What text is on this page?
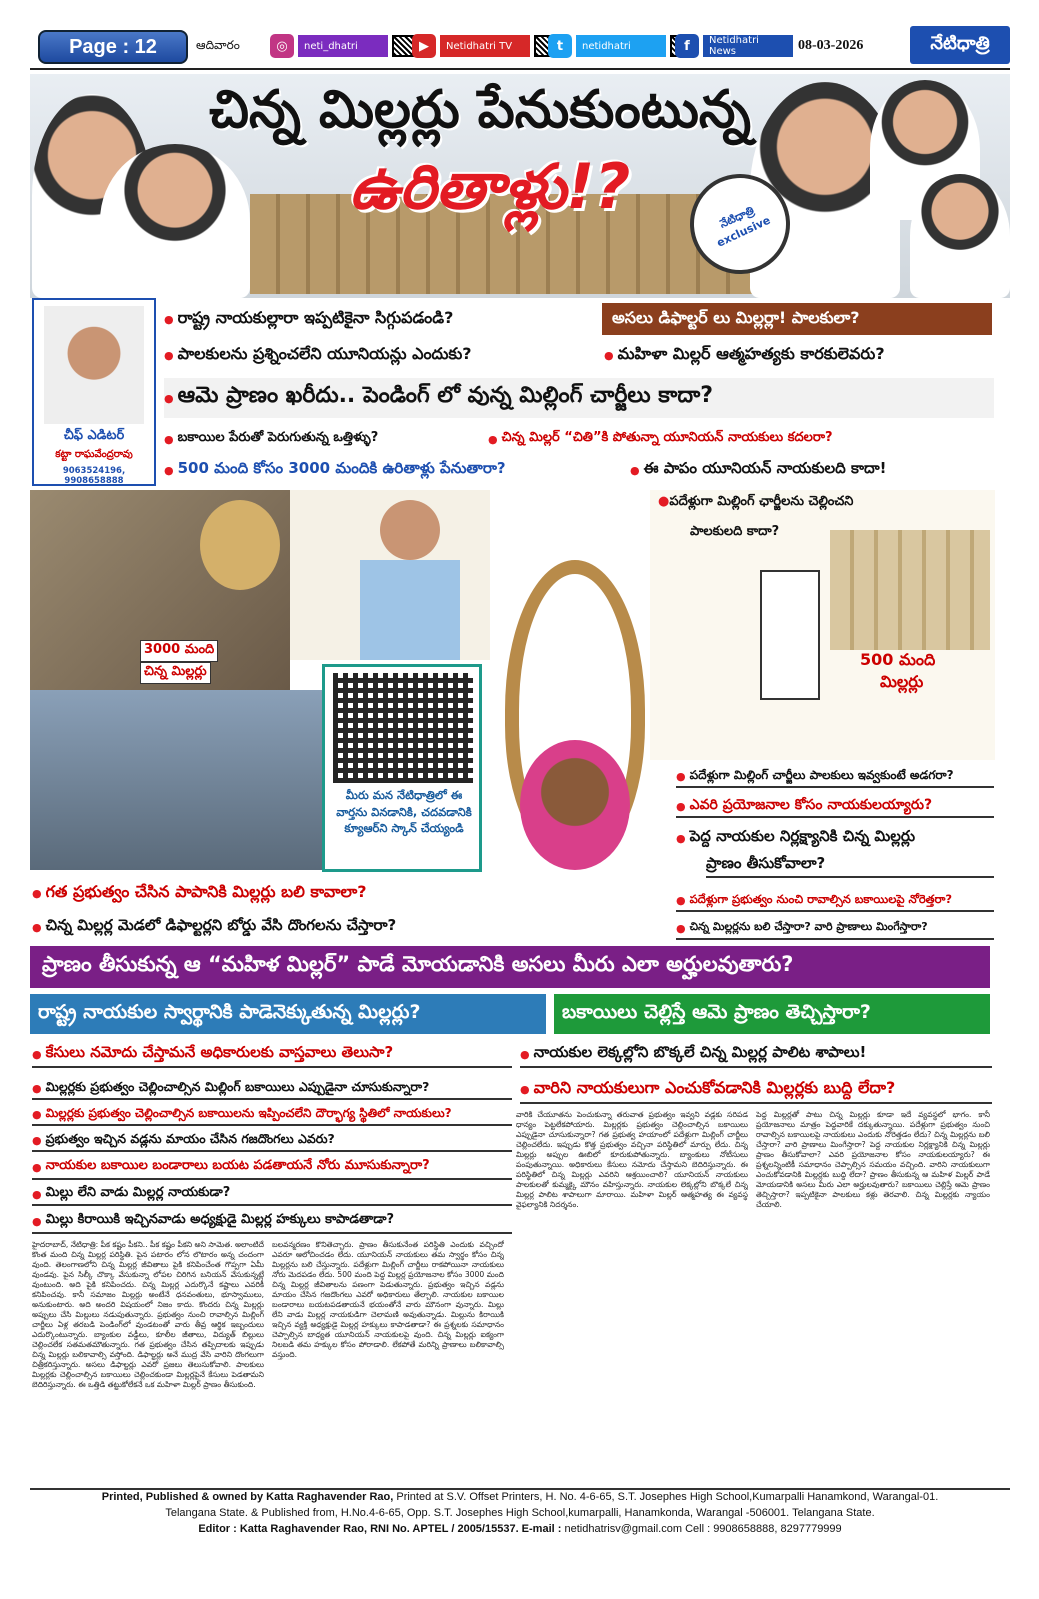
Page : 12	ఆదివారం	◎	neti_dhatri	▶	Netidhatri TV	t	netidhatri	f	Netidhatri News	08-03-2026	నేటిధాత్రి
చిన్న మిల్లర్లు పేనుకుంటున్న
ఉరితాళ్లు!?	నేటిధాత్రి exclusive
చీఫ్ ఎడిటర్
కట్టా రాఘవేంద్రరావు
9063524196, 9908658888
● రాష్ట్ర నాయకుల్లారా ఇప్పటికైనా సిగ్గుపడండి?	అసలు డిఫాల్టర్ లు మిల్లర్లా! పాలకులా?
● పాలకులను ప్రశ్నించలేని యూనియన్లు ఎందుకు?	● మహిళా మిల్లర్ ఆత్మహత్యకు కారకులెవరు?
● ఆమె ప్రాణం ఖరీదు.. పెండింగ్ లో వున్న మిల్లింగ్ చార్జీలు కాదా?
● బకాయిల పేరుతో పెరుగుతున్న ఒత్తిళ్ళు?	● చిన్న మిల్లర్ “చితి”కి పోతున్నా యూనియన్ నాయకులు కదలరా?
● 500 మంది కోసం 3000 మందికి ఉరితాళ్లు పేనుతారా?	● ఈ పాపం యూనియన్ నాయకులది కాదా!
3000 మంది
చిన్న మిల్లర్లు
మీరు మన నేటిధాత్రిలో ఈ వార్తను వినడానికి, చదవడానికి క్యూఆర్‌ని స్కాన్ చేయ్యండి
●పదేళ్లుగా మిల్లింగ్ ఛార్జీలను చెల్లించని
పాలకులది కాదా?
500 మంది
మిల్లర్లు
● పదేళ్లుగా మిల్లింగ్ చార్జీలు పాలకులు ఇవ్వకుంటే అడగరా?
● ఎవరి ప్రయోజనాల కోసం నాయకులయ్యారు?
● పెద్ద నాయకుల నిర్లక్ష్యానికి చిన్న మిల్లర్లు
ప్రాణం తీసుకోవాలా?
● పదేళ్లుగా ప్రభుత్వం నుంచి రావాల్సిన బకాయిలపై నోరెత్తరా?
● చిన్న మిల్లర్లను బలి చేస్తారా? వారి ప్రాణాలు మింగేస్తారా?
● గత ప్రభుత్వం చేసిన పాపానికి మిల్లర్లు బలి కావాలా?
● చిన్న మిల్లర్ల మెడలో డిఫాల్టర్లని బోర్డు వేసి దొంగలను చేస్తారా?
ప్రాణం తీసుకున్న ఆ “మహిళ మిల్లర్” పాడే మోయడానికి అసలు మీరు ఎలా అర్హులవుతారు?
రాష్ట్ర నాయకుల స్వార్థానికి పాడెనెక్కుతున్న మిల్లర్లు?	బకాయిలు చెల్లిస్తే ఆమె ప్రాణం తెచ్చిస్తారా?
● కేసులు నమోదు చేస్తామనే అధికారులకు వాస్తవాలు తెలుసా?	● నాయకుల లెక్కల్లోని బొక్కలే చిన్న మిల్లర్ల పాలిట శాపాలు!
● వారిని నాయకులుగా ఎంచుకోవడానికి మిల్లర్లకు బుద్ది లేదా?
● మిల్లర్లకు ప్రభుత్వం చెల్లించాల్సిన మిల్లింగ్ బకాయిలు ఎప్పుడైనా చూసుకున్నారా?
● మిల్లర్లకు ప్రభుత్వం చెల్లించాల్సిన బకాయిలను ఇప్పించలేని దౌర్భాగ్య స్థితిలో నాయకులు?
● ప్రభుత్వం ఇచ్చిన వడ్లను మాయం చేసిన గజదొంగలు ఎవరు?
● నాయకుల బకాయిల బండారాలు బయట పడతాయనే నోరు మూసుకున్నారా?
● మిల్లు లేని వాడు మిల్లర్ల నాయకుడా?
● మిల్లు కిరాయికి ఇచ్చినవాడు అధ్యక్షుడై మిల్లర్ల హక్కులు కాపాడతాడా?
హైదరాబాద్, నేటిధాత్రి: పీక కష్టం పీకని.. పీక కష్టం పీకని అని సామెత. అలాంటిదే కొంత మంది చిన్న మిల్లర్ల పరిస్థితి. పైన పటారం లోన లొటారం అన్న చందంగా వుంది. తెలంగాణలోని చిన్న మిల్లర్ల జీవితాలు పైకి కనిపించేంత గొప్పగా ఏమీ వుండవు. పైన సిల్కీ చొక్కా వేసుకున్నా లోపల చిరిగిన బనియన్ వేసుకున్నట్లే వుంటుంది. అది పైకి కనిపించదు. చిన్న మిల్లర్ల ఎదుర్కొనే కష్టాలు ఎవరికీ కనిపించవు. కానీ సమాజం మిల్లర్లు అంటేనే ధనవంతులు, భూస్వాములు, అనుకుంటారు. అది అందరి విషయంలో నిజం కాదు. కొందరు చిన్న మిల్లర్లు అప్పులు చేసి మిల్లులు నడుపుతున్నారు. ప్రభుత్వం నుంచి రావాల్సిన మిల్లింగ్ చార్జీలు ఏళ్ల తరబడి పెండింగ్‌లో వుండటంతో వారు తీవ్ర ఆర్థిక ఇబ్బందులు ఎదుర్కొంటున్నారు. బ్యాంకుల వడ్డీలు, కూలీల జీతాలు, విద్యుత్ బిల్లులు చెల్లించలేక సతమతమౌతున్నారు. గత ప్రభుత్వం చేసిన తప్పిదాలకు ఇప్పుడు చిన్న మిల్లర్లు బలికావాల్సి వస్తోంది. డిఫాల్టర్లు అనే ముద్ర వేసి వారిని దొంగలుగా చిత్రీకరిస్తున్నారు. అసలు డిఫాల్టర్లు ఎవరో ప్రజలు తెలుసుకోవాలి. పాలకులు మిల్లర్లకు చెల్లించాల్సిన బకాయిలు చెల్లించకుండా మిల్లర్లపైనే కేసులు పెడతామని బెదిరిస్తున్నారు. ఈ ఒత్తిడి తట్టుకోలేకనే ఒక మహిళా మిల్లర్ ప్రాణం తీసుకుంది.
బలవన్మరణం కొనితెచ్చారు. ప్రాణం తీసుకునేంత పరిస్థితి ఎందుకు వచ్చిందో ఎవరూ ఆలోచించడం లేదు. యూనియన్ నాయకులు తమ స్వార్థం కోసం చిన్న మిల్లర్లను బలి చేస్తున్నారు. పదేళ్లుగా మిల్లింగ్ చార్జీలు రాకపోయినా నాయకులు నోరు మెదపడం లేదు. 500 మంది పెద్ద మిల్లర్ల ప్రయోజనాల కోసం 3000 మంది చిన్న మిల్లర్ల జీవితాలను పణంగా పెడుతున్నారు. ప్రభుత్వం ఇచ్చిన వడ్లను మాయం చేసిన గజదొంగలు ఎవరో అధికారులు తేల్చాలి. నాయకుల బకాయిల బండారాలు బయటపడతాయనే భయంతోనే వారు మౌనంగా వున్నారు. మిల్లు లేని వాడు మిల్లర్ల నాయకుడిగా చెలామణి అవుతున్నాడు. మిల్లును కిరాయికి ఇచ్చిన వ్యక్తి అధ్యక్షుడై మిల్లర్ల హక్కులు కాపాడతాడా? ఈ ప్రశ్నలకు సమాధానం చెప్పాల్సిన బాధ్యత యూనియన్ నాయకులపై వుంది. చిన్న మిల్లర్లు ఐక్యంగా నిలబడి తమ హక్కుల కోసం పోరాడాలి. లేకపోతే మరిన్ని ప్రాణాలు బలికావాల్సి వస్తుంది.
వారికి చేయూతను పెంచుకున్నా తరువాత ప్రభుత్వం ఇవ్వని వడ్లకు సరిపడ ధాన్యం పెట్టలేకపోయారు. మిల్లర్లకు ప్రభుత్వం చెల్లించాల్సిన బకాయిలు ఎప్పుడైనా చూసుకున్నారా? గత ప్రభుత్వ హయాంలో పదేళ్లుగా మిల్లింగ్ చార్జీలు చెల్లించలేదు. ఇప్పుడు కొత్త ప్రభుత్వం వచ్చినా పరిస్థితిలో మార్పు లేదు. చిన్న మిల్లర్లు అప్పుల ఊబిలో కూరుకుపోతున్నారు. బ్యాంకులు నోటీసులు పంపుతున్నాయి. అధికారులు కేసులు నమోదు చేస్తామని బెదిరిస్తున్నారు. ఈ పరిస్థితిలో చిన్న మిల్లర్లు ఎవరిని ఆశ్రయించాలి? యూనియన్ నాయకులు పాలకులతో కుమ్మక్కై మౌనం వహిస్తున్నారు. నాయకుల లెక్కల్లోని బొక్కలే చిన్న మిల్లర్ల పాలిట శాపాలుగా మారాయి. మహిళా మిల్లర్ ఆత్మహత్య ఈ వ్యవస్థ వైఫల్యానికి నిదర్శనం.
పెద్ద మిల్లర్లతో పాటు చిన్న మిల్లర్లు కూడా ఇదే వ్యవస్థలో భాగం. కానీ ప్రయోజనాలు మాత్రం పెద్దవారికే దక్కుతున్నాయి. పదేళ్లుగా ప్రభుత్వం నుంచి రావాల్సిన బకాయిలపై నాయకులు ఎందుకు నోరెత్తడం లేదు? చిన్న మిల్లర్లను బలి చేస్తారా? వారి ప్రాణాలు మింగేస్తారా? పెద్ద నాయకుల నిర్లక్ష్యానికి చిన్న మిల్లర్లు ప్రాణం తీసుకోవాలా? ఎవరి ప్రయోజనాల కోసం నాయకులయ్యారు? ఈ ప్రశ్నలన్నింటికీ సమాధానం చెప్పాల్సిన సమయం వచ్చింది. వారిని నాయకులుగా ఎంచుకోవడానికి మిల్లర్లకు బుద్ది లేదా? ప్రాణం తీసుకున్న ఆ మహిళ మిల్లర్ పాడే మోయడానికి అసలు మీరు ఎలా అర్హులవుతారు? బకాయిలు చెల్లిస్తే ఆమె ప్రాణం తెచ్చిస్తారా? ఇప్పటికైనా పాలకులు కళ్లు తెరవాలి. చిన్న మిల్లర్లకు న్యాయం చేయాలి.
Printed, Published & owned by Katta Raghavender Rao, Printed at S.V. Offset Printers, H. No. 4-6-65, S.T. Josephes High School,Kumarpalli Hanamkond, Warangal-01.
Telangana State. & Published from, H.No.4-6-65, Opp. S.T. Josephes High School,kumarpalli, Hanamkonda, Warangal -506001. Telangana State.
Editor : Katta Raghavender Rao, RNI No. APTEL / 2005/15537. E-mail : netidhatrisv@gmail.com Cell : 9908658888, 8297779999
